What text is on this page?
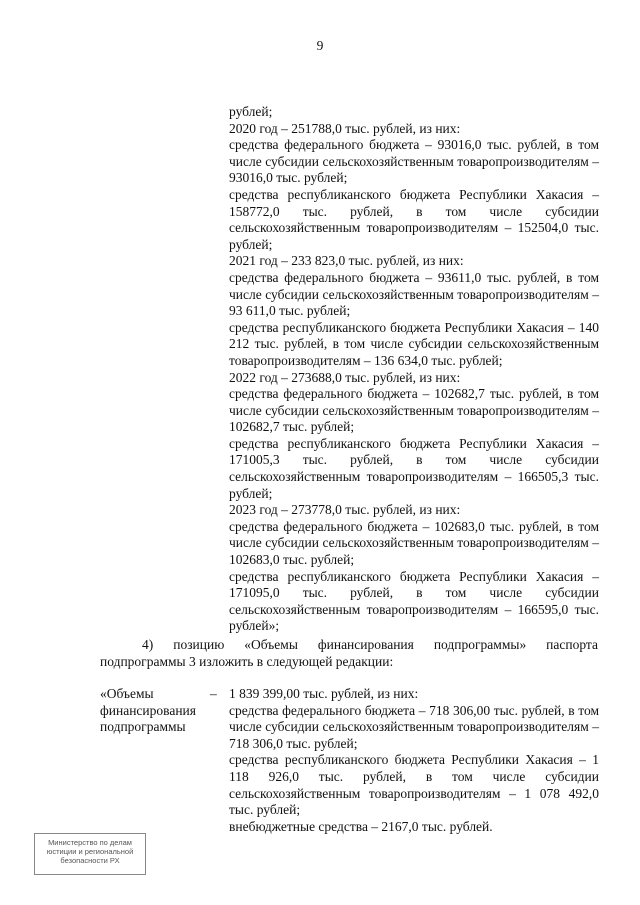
9

рублей;

2020 год – 251788,0 тыс. рублей, из них:

средства федерального бюджета – 93016,0 тыс. рублей, в том числе субсидии сельскохозяйственным товаропроизводителям – 93016,0 тыс. рублей;

средства республиканского бюджета Республики Хакасия – 158772,0 тыс. рублей, в том числе субсидии сельскохозяйственным товаропроизводителям – 152504,0 тыс. рублей;

2021 год – 233 823,0 тыс. рублей, из них:

средства федерального бюджета – 93611,0 тыс. рублей, в том числе субсидии сельскохозяйственным товаропроизводителям – 93 611,0 тыс. рублей;

средства республиканского бюджета Республики Хакасия – 140 212 тыс. рублей, в том числе субсидии сельскохозяйственным товаропроизводителям – 136 634,0 тыс. рублей;

2022 год – 273688,0 тыс. рублей, из них:

средства федерального бюджета – 102682,7 тыс. рублей, в том числе субсидии сельскохозяйственным товаропроизводителям – 102682,7 тыс. рублей;

средства республиканского бюджета Республики Хакасия – 171005,3 тыс. рублей, в том числе субсидии сельскохозяйственным товаропроизводителям – 166505,3 тыс. рублей;

2023 год – 273778,0 тыс. рублей, из них:

средства федерального бюджета – 102683,0 тыс. рублей, в том числе субсидии сельскохозяйственным товаропроизводителям – 102683,0 тыс. рублей;

средства республиканского бюджета Республики Хакасия – 171095,0 тыс. рублей, в том числе субсидии сельскохозяйственным товаропроизводителям – 166595,0 тыс. рублей»;

4) позицию «Объемы финансирования подпрограммы» паспорта подпрограммы 3 изложить в следующей редакции:

«Объемы финансирования подпрограммы
– 1 839 399,00 тыс. рублей, из них:

средства федерального бюджета – 718 306,00 тыс. рублей, в том числе субсидии сельскохозяйственным товаропроизводителям – 718 306,0 тыс. рублей;

средства республиканского бюджета Республики Хакасия – 1 118 926,0 тыс. рублей, в том числе субсидии сельскохозяйственным товаропроизводителям – 1 078 492,0 тыс. рублей;

внебюджетные средства – 2167,0 тыс. рублей.

Министерство по делам юстиции и региональной безопасности РХ
